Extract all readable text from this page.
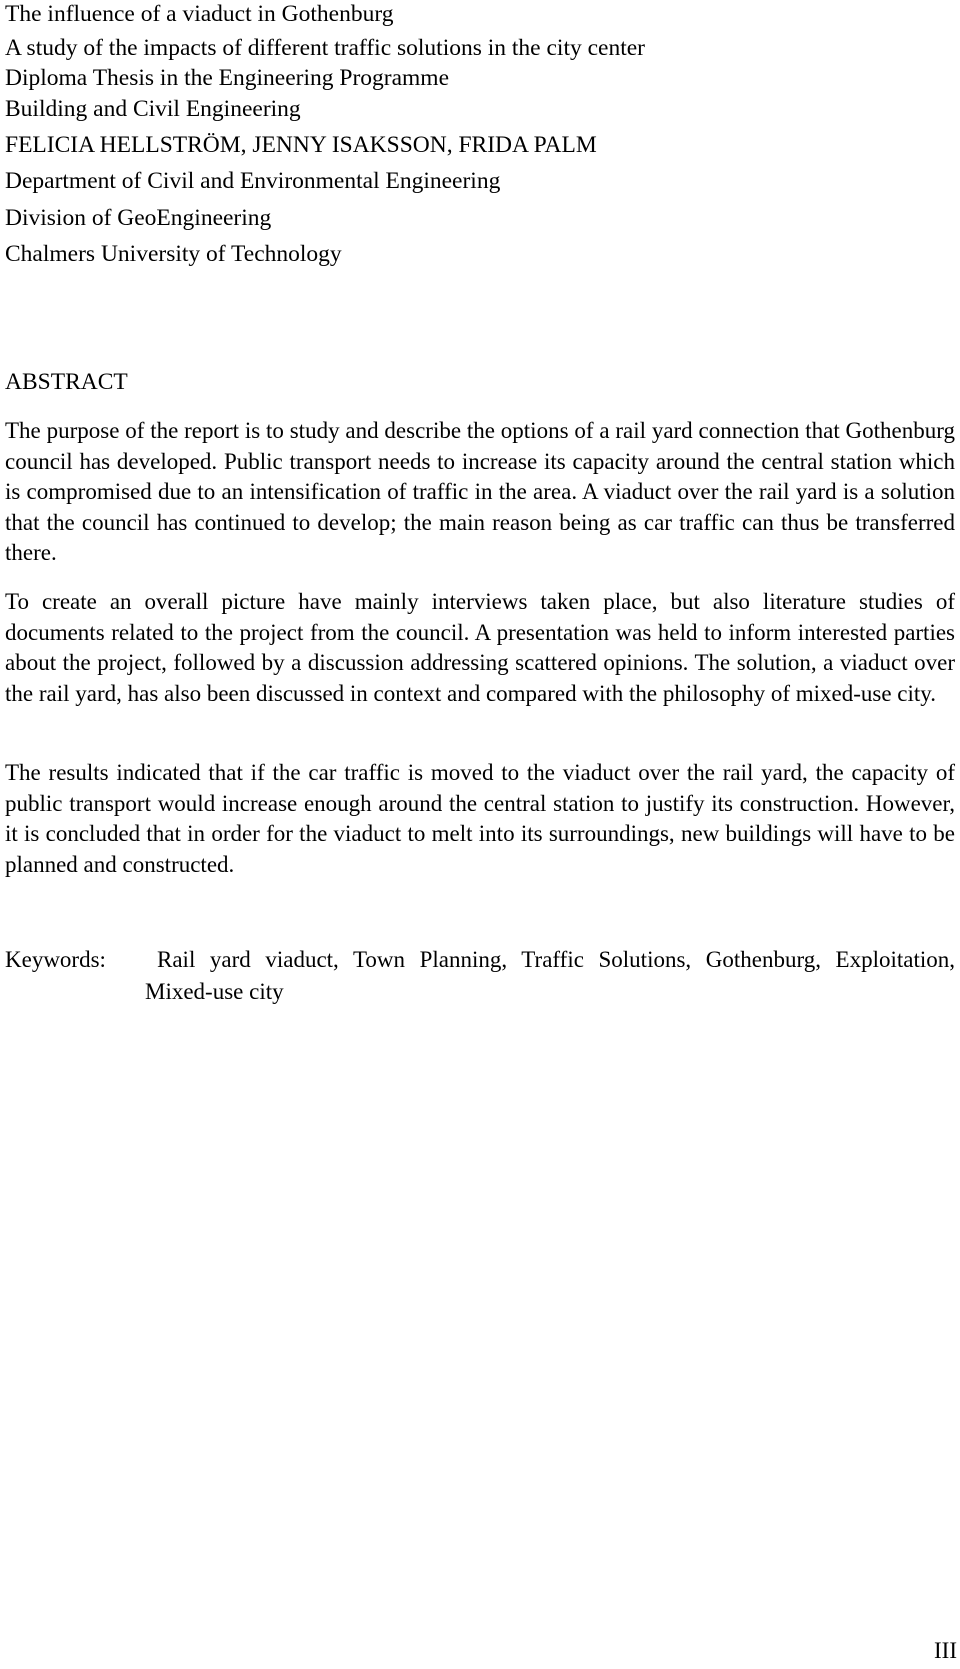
The influence of a viaduct in Gothenburg
A study of the impacts of different traffic solutions in the city center
Diploma Thesis in the Engineering Programme
Building and Civil Engineering
FELICIA HELLSTRÖM, JENNY ISAKSSON, FRIDA PALM
Department of Civil and Environmental Engineering
Division of GeoEngineering
Chalmers University of Technology
ABSTRACT

The purpose of the report is to study and describe the options of a rail yard connection that Gothenburg council has developed. Public transport needs to increase its capacity around the central station which is compromised due to an intensification of traffic in the area. A viaduct over the rail yard is a solution that the council has continued to develop; the main reason being as car traffic can thus be transferred there.

To create an overall picture have mainly interviews taken place, but also literature studies of documents related to the project from the council. A presentation was held to inform interested parties about the project, followed by a discussion addressing scattered opinions. The solution, a viaduct over the rail yard, has also been discussed in context and compared with the philosophy of mixed-use city.

The results indicated that if the car traffic is moved to the viaduct over the rail yard, the capacity of public transport would increase enough around the central station to justify its construction. However, it is concluded that in order for the viaduct to melt into its surroundings, new buildings will have to be planned and constructed.

Keywords:	Rail yard viaduct, Town Planning, Traffic Solutions, Gothenburg, Exploitation, Mixed-use city

III
